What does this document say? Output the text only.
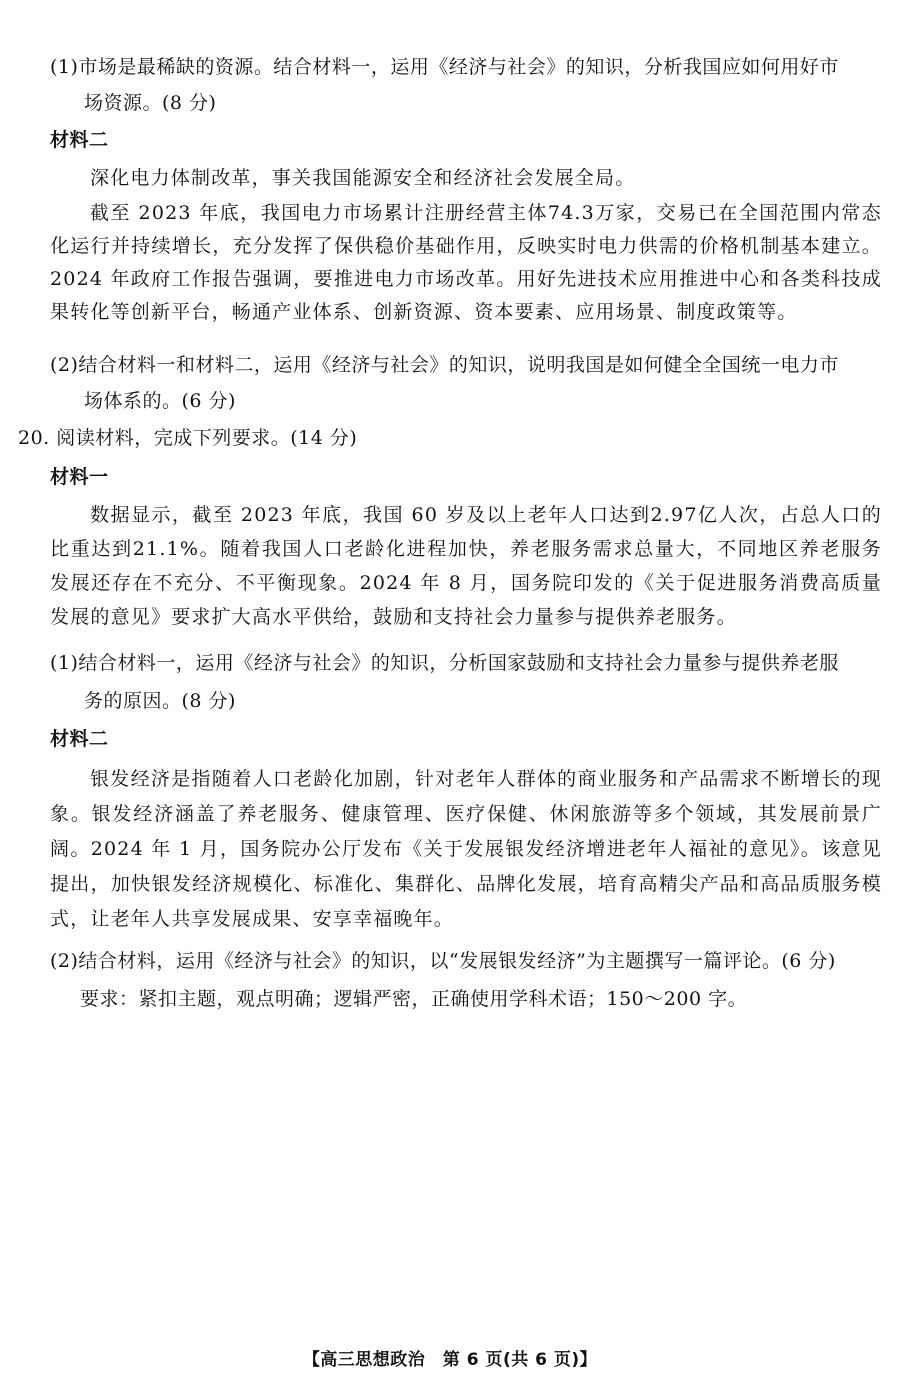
(1)市场是最稀缺的资源。结合材料一，运用《经济与社会》的知识，分析我国应如何用好市
场资源。(8 分)
材料二
深化电力体制改革，事关我国能源安全和经济社会发展全局。
截至 2023 年底，我国电力市场累计注册经营主体74.3万家，交易已在全国范围内常态化运行并持续增长，充分发挥了保供稳价基础作用，反映实时电力供需的价格机制基本建立。2024 年政府工作报告强调，要推进电力市场改革。用好先进技术应用推进中心和各类科技成果转化等创新平台，畅通产业体系、创新资源、资本要素、应用场景、制度政策等。
(2)结合材料一和材料二，运用《经济与社会》的知识，说明我国是如何健全全国统一电力市
场体系的。(6 分)
20. 阅读材料，完成下列要求。(14 分)
材料一
数据显示，截至 2023 年底，我国 60 岁及以上老年人口达到2.97亿人次，占总人口的比重达到21.1%。随着我国人口老龄化进程加快，养老服务需求总量大，不同地区养老服务发展还存在不充分、不平衡现象。2024 年 8 月，国务院印发的《关于促进服务消费高质量发展的意见》要求扩大高水平供给，鼓励和支持社会力量参与提供养老服务。
(1)结合材料一，运用《经济与社会》的知识，分析国家鼓励和支持社会力量参与提供养老服
务的原因。(8 分)
材料二
银发经济是指随着人口老龄化加剧，针对老年人群体的商业服务和产品需求不断增长的现象。银发经济涵盖了养老服务、健康管理、医疗保健、休闲旅游等多个领域，其发展前景广阔。2024 年 1 月，国务院办公厅发布《关于发展银发经济增进老年人福祉的意见》。该意见提出，加快银发经济规模化、标准化、集群化、品牌化发展，培育高精尖产品和高品质服务模式，让老年人共享发展成果、安享幸福晚年。
(2)结合材料，运用《经济与社会》的知识，以“发展银发经济”为主题撰写一篇评论。(6 分)
要求：紧扣主题，观点明确；逻辑严密，正确使用学科术语；150～200 字。
【高三思想政治　第 6 页(共 6 页)】
